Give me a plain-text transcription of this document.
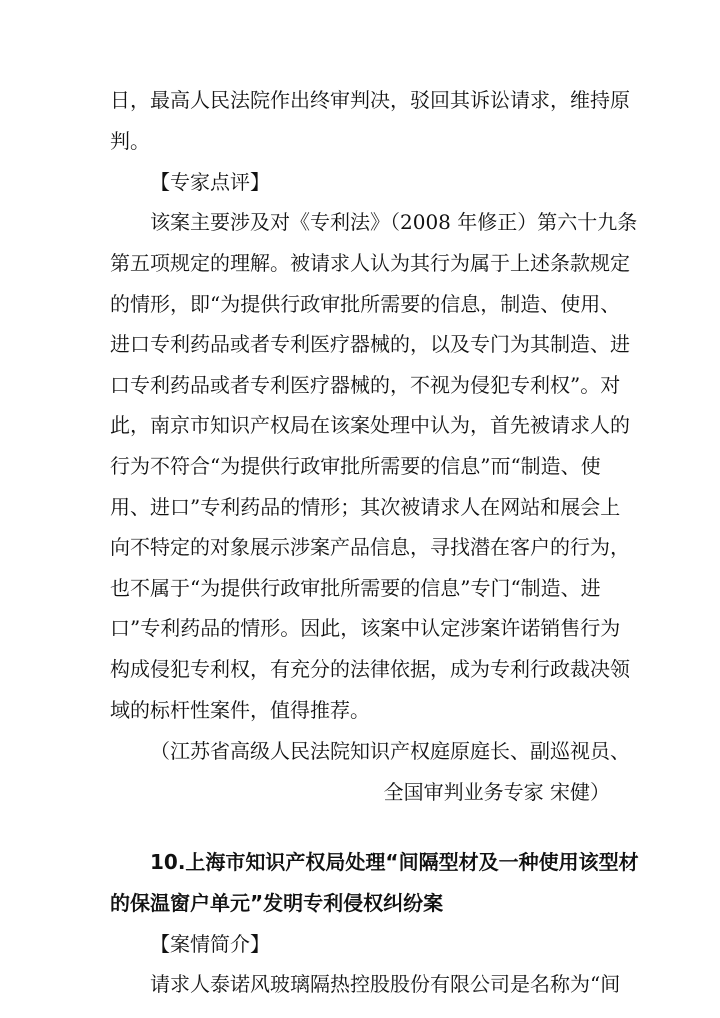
日，最高人民法院作出终审判决，驳回其诉讼请求，维持原
判。
【专家点评】
该案主要涉及对《专利法》（2008 年修正）第六十九条
第五项规定的理解。被请求人认为其行为属于上述条款规定
的情形，即“为提供行政审批所需要的信息，制造、使用、
进口专利药品或者专利医疗器械的，以及专门为其制造、进
口专利药品或者专利医疗器械的，不视为侵犯专利权”。对
此，南京市知识产权局在该案处理中认为，首先被请求人的
行为不符合“为提供行政审批所需要的信息”而“制造、使
用、进口”专利药品的情形；其次被请求人在网站和展会上
向不特定的对象展示涉案产品信息，寻找潜在客户的行为，
也不属于“为提供行政审批所需要的信息”专门“制造、进
口”专利药品的情形。因此，该案中认定涉案许诺销售行为
构成侵犯专利权，有充分的法律依据，成为专利行政裁决领
域的标杆性案件，值得推荐。
（江苏省高级人民法院知识产权庭原庭长、副巡视员、
全国审判业务专家 宋健）
10.上海市知识产权局处理“间隔型材及一种使用该型材
的保温窗户单元”发明专利侵权纠纷案
【案情简介】
请求人泰诺风玻璃隔热控股股份有限公司是名称为“间
